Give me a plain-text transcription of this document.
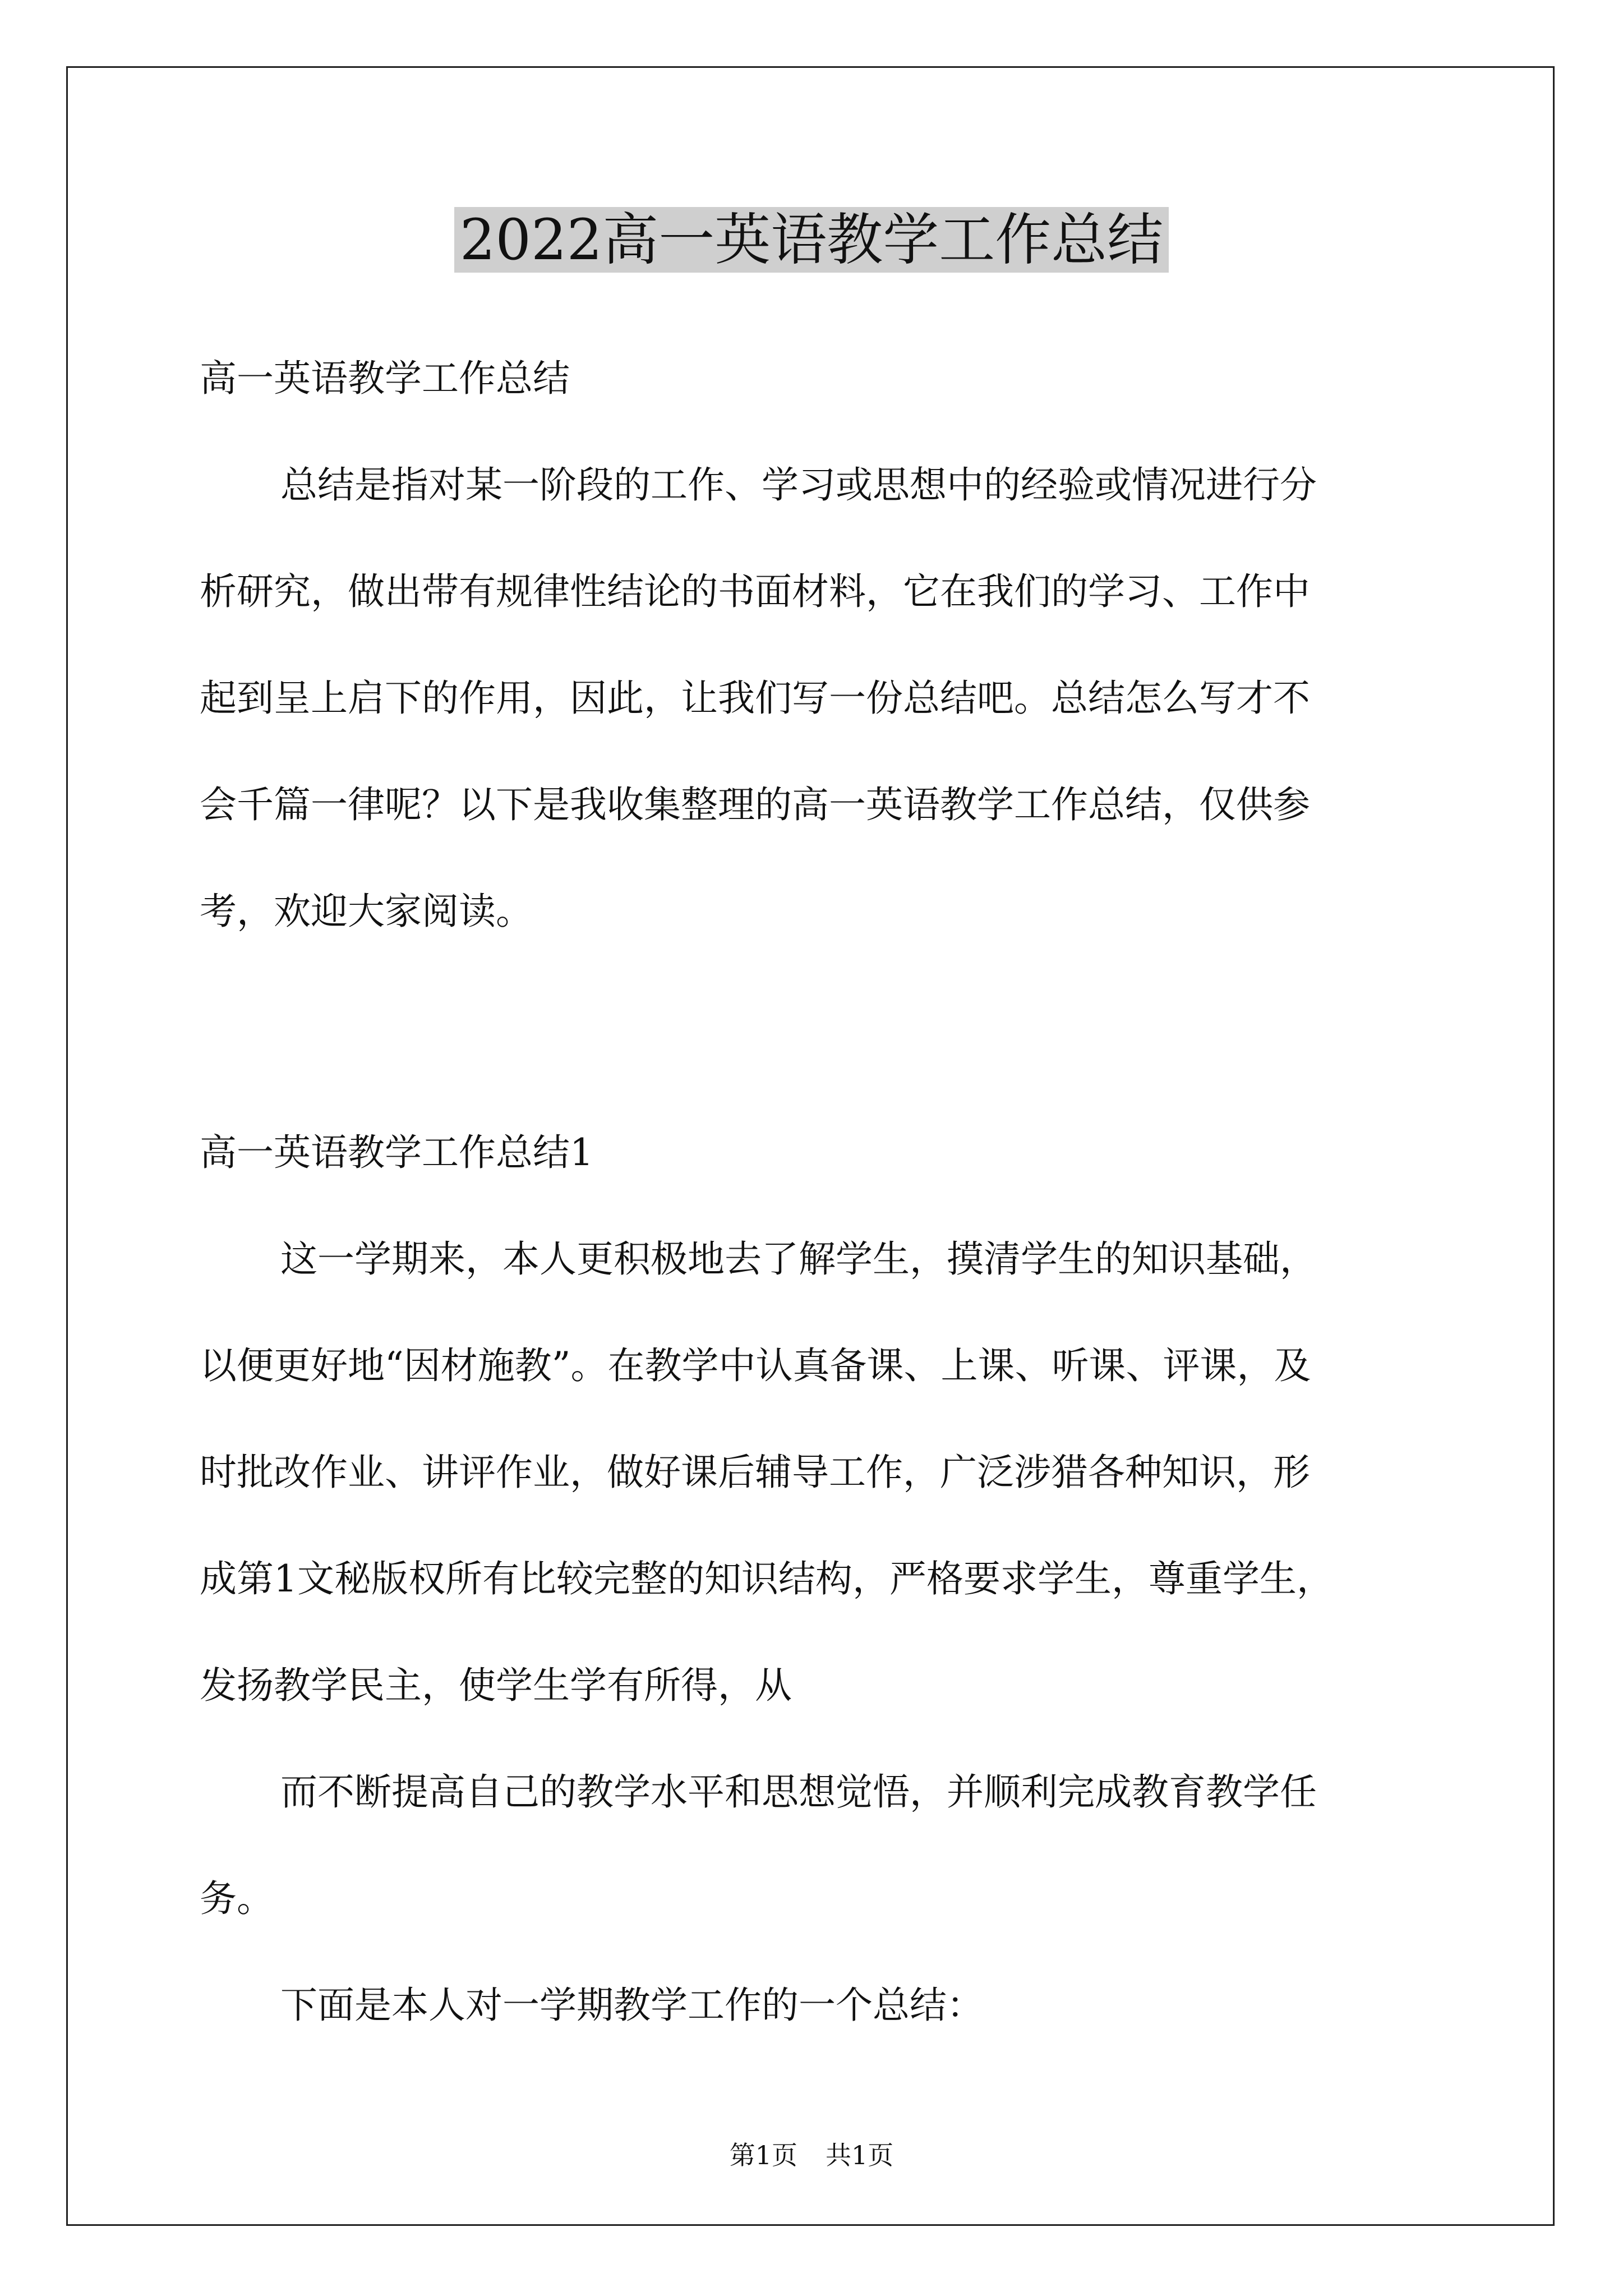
2022高一英语教学工作总结

高一英语教学工作总结

总结是指对某一阶段的工作、学习或思想中的经验或情况进行分

析研究，做出带有规律性结论的书面材料，它在我们的学习、工作中

起到呈上启下的作用，因此，让我们写一份总结吧。总结怎么写才不

会千篇一律呢？以下是我收集整理的高一英语教学工作总结，仅供参

考，欢迎大家阅读。

高一英语教学工作总结1

这一学期来，本人更积极地去了解学生，摸清学生的知识基础，

以便更好地“因材施教”。在教学中认真备课、上课、听课、评课，及

时批改作业、讲评作业，做好课后辅导工作，广泛涉猎各种知识，形

成第1文秘版权所有比较完整的知识结构，严格要求学生，尊重学生，

发扬教学民主，使学生学有所得，从

而不断提高自己的教学水平和思想觉悟，并顺利完成教育教学任

务。

下面是本人对一学期教学工作的一个总结：

第1页 共1页
